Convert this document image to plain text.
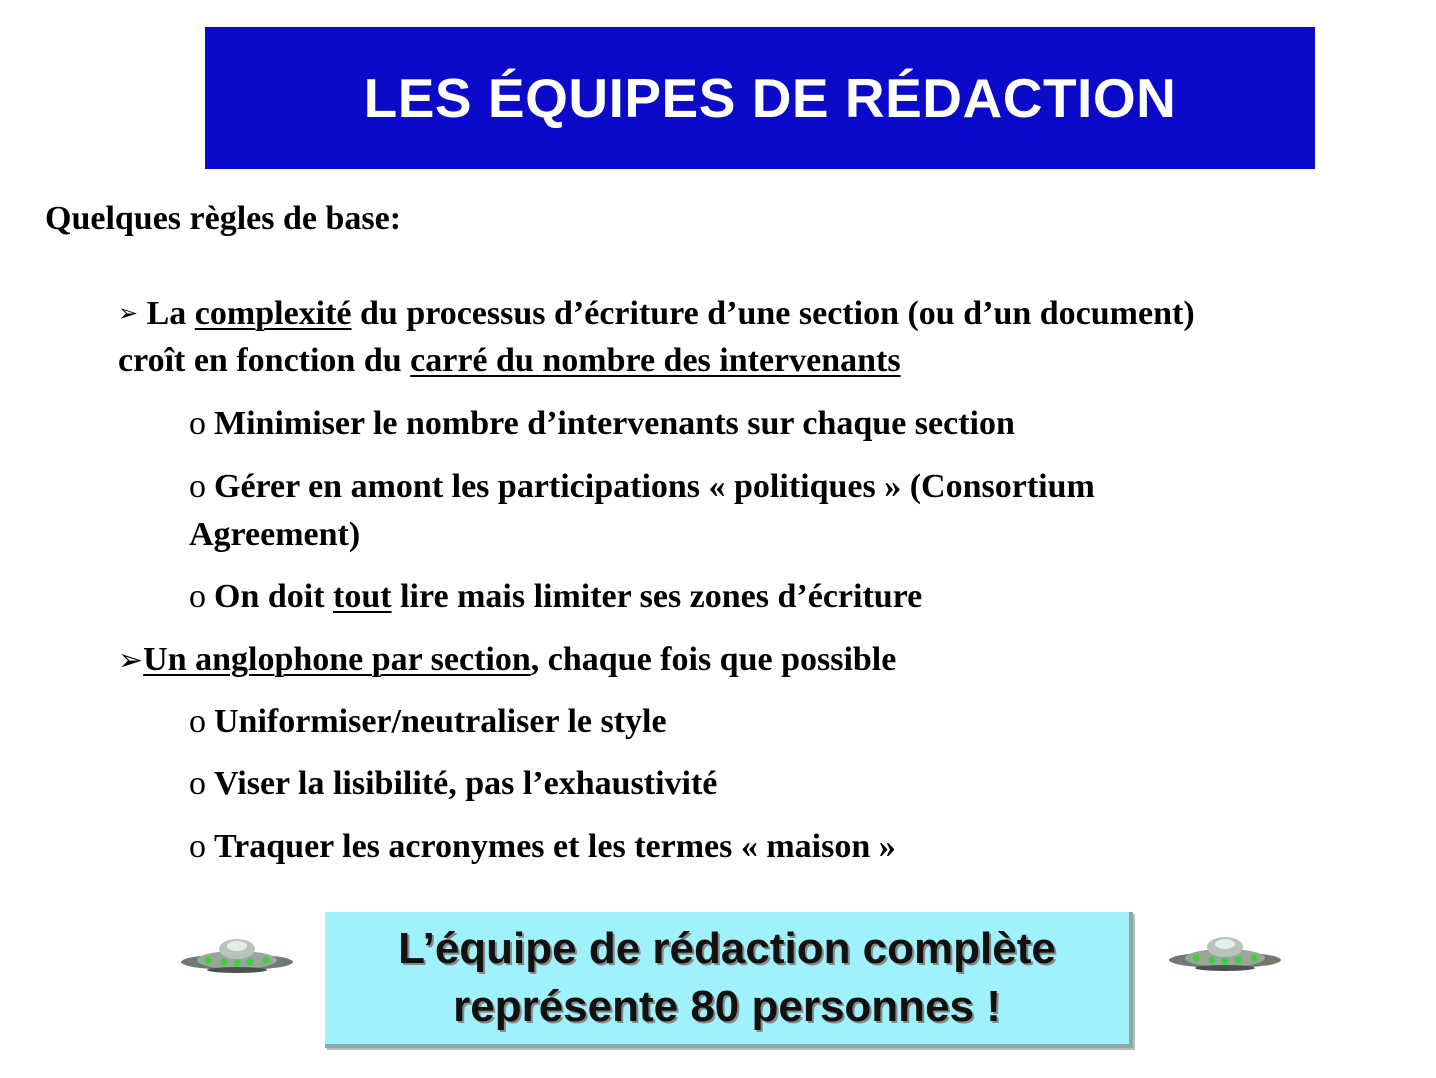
LES ÉQUIPES DE RÉDACTION
Quelques règles de base:
➢ La complexité du processus d’écriture d’une section (ou d’un document)
croît en fonction du carré du nombre des intervenants
o Minimiser le nombre d’intervenants sur chaque section
o Gérer en amont les participations « politiques » (Consortium
Agreement)
o On doit tout lire mais limiter ses zones d’écriture
➢Un anglophone par section, chaque fois que possible
o Uniformiser/neutraliser le style
o Viser la lisibilité, pas l’exhaustivité
o Traquer les acronymes et les termes « maison »
L’équipe de rédaction complète
représente 80 personnes !
